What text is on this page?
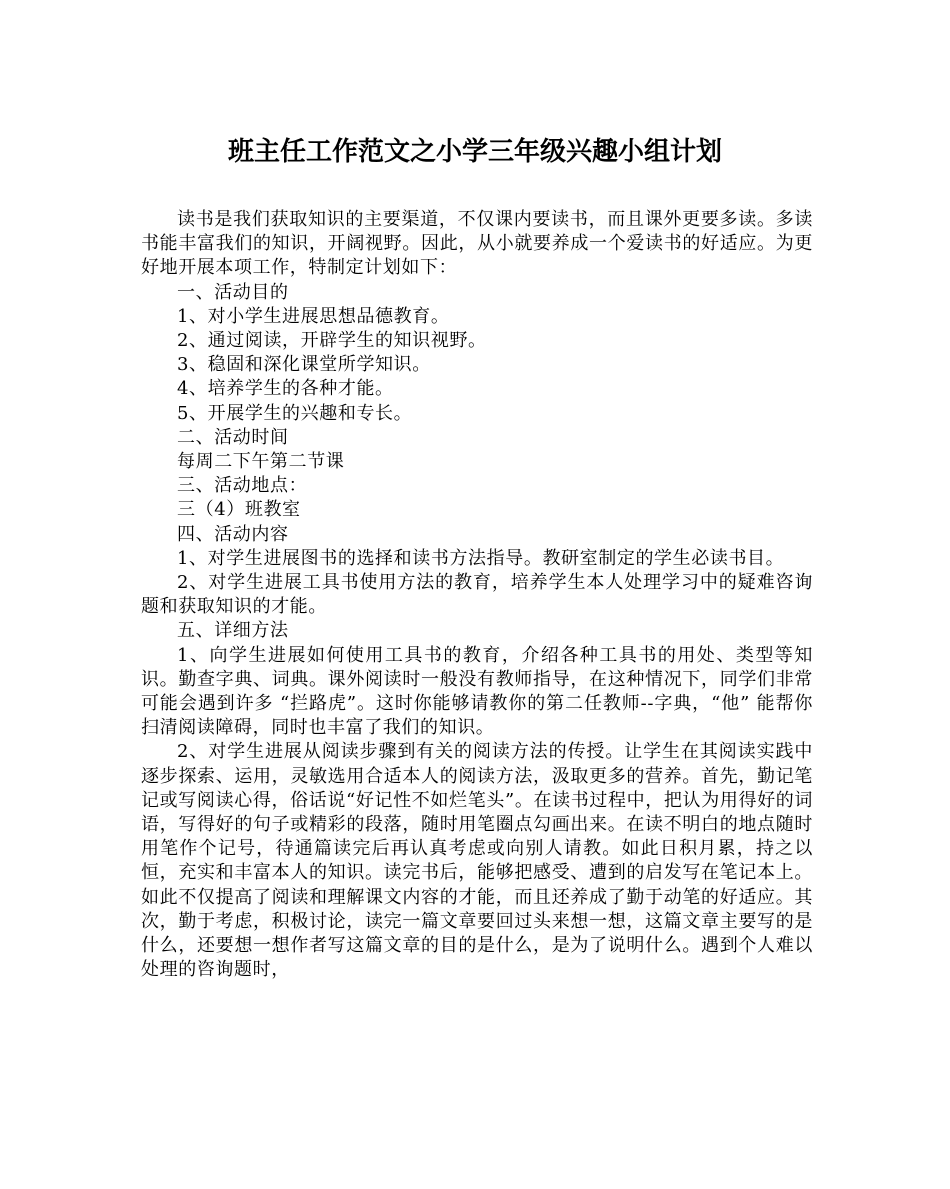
班主任工作范文之小学三年级兴趣小组计划

读书是我们获取知识的主要渠道，不仅课内要读书，而且课外更要多读。多读书能丰富我们的知识，开阔视野。因此，从小就要养成一个爱读书的好适应。为更好地开展本项工作，特制定计划如下：

一、活动目的

1、对小学生进展思想品德教育。

2、通过阅读，开辟学生的知识视野。

3、稳固和深化课堂所学知识。

4、培养学生的各种才能。

5、开展学生的兴趣和专长。

二、活动时间

每周二下午第二节课

三、活动地点：

三（4）班教室

四、活动内容

1、对学生进展图书的选择和读书方法指导。教研室制定的学生必读书目。

2、对学生进展工具书使用方法的教育，培养学生本人处理学习中的疑难咨询题和获取知识的才能。

五、详细方法

1、向学生进展如何使用工具书的教育，介绍各种工具书的用处、类型等知识。勤查字典、词典。课外阅读时一般没有教师指导，在这种情况下，同学们非常可能会遇到许多 “拦路虎”。这时你能够请教你的第二任教师--字典，“他” 能帮你扫清阅读障碍，同时也丰富了我们的知识。

2、对学生进展从阅读步骤到有关的阅读方法的传授。让学生在其阅读实践中逐步探索、运用，灵敏选用合适本人的阅读方法，汲取更多的营养。首先，勤记笔记或写阅读心得，俗话说“好记性不如烂笔头”。在读书过程中，把认为用得好的词语，写得好的句子或精彩的段落，随时用笔圈点勾画出来。在读不明白的地点随时用笔作个记号，待通篇读完后再认真考虑或向别人请教。如此日积月累，持之以恒，充实和丰富本人的知识。读完书后，能够把感受、遭到的启发写在笔记本上。如此不仅提高了阅读和理解课文内容的才能，而且还养成了勤于动笔的好适应。其次，勤于考虑，积极讨论，读完一篇文章要回过头来想一想，这篇文章主要写的是什么，还要想一想作者写这篇文章的目的是什么，是为了说明什么。遇到个人难以处理的咨询题时，
